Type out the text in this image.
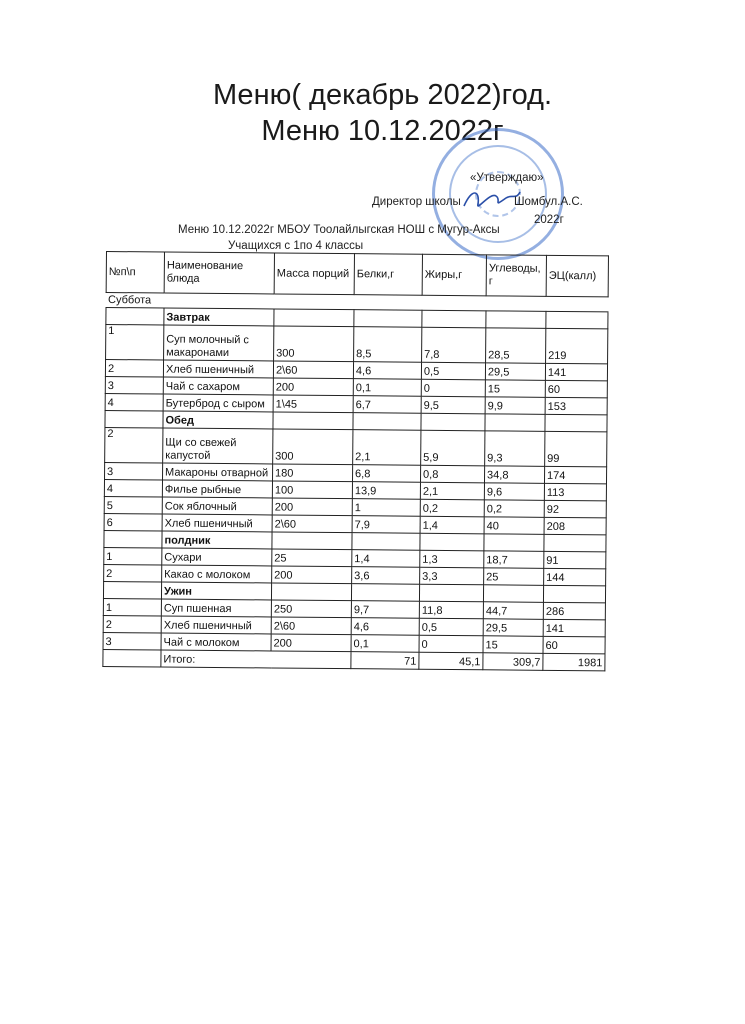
Меню( декабрь 2022)год.
Меню 10.12.2022г
«Утверждаю»
Директор школы	Шомбул.А.С.
2022г
Меню 10.12.2022г МБОУ Тоолайлыгская НОШ с Мугур-Аксы
Учащихся с 1по 4 классы
№п\п	Наименование блюда	Масса порций	Белки,г	Жиры,г	Углеводы, г	ЭЦ(калл)
Суббота						
	Завтрак					
1	Суп молочный с макаронами	300	8,5	7,8	28,5	219
2	Хлеб пшеничный	2\60	4,6	0,5	29,5	141
3	Чай с сахаром	200	0,1	0	15	60
4	Бутерброд с сыром	1\45	6,7	9,5	9,9	153
	Обед					
2	Щи со свежей капустой	300	2,1	5,9	9,3	99
3	Макароны отварной	180	6,8	0,8	34,8	174
4	Филье рыбные	100	13,9	2,1	9,6	113
5	Сок яблочный	200	1	0,2	0,2	92
6	Хлеб пшеничный	2\60	7,9	1,4	40	208
	полдник					
1	Сухари	25	1,4	1,3	18,7	91
2	Какао с молоком	200	3,6	3,3	25	144
	Ужин					
1	Суп пшенная	250	9,7	11,8	44,7	286
2	Хлеб пшеничный	2\60	4,6	0,5	29,5	141
3	Чай с молоком	200	0,1	0	15	60
	Итого:		71	45,1	309,7	1981
